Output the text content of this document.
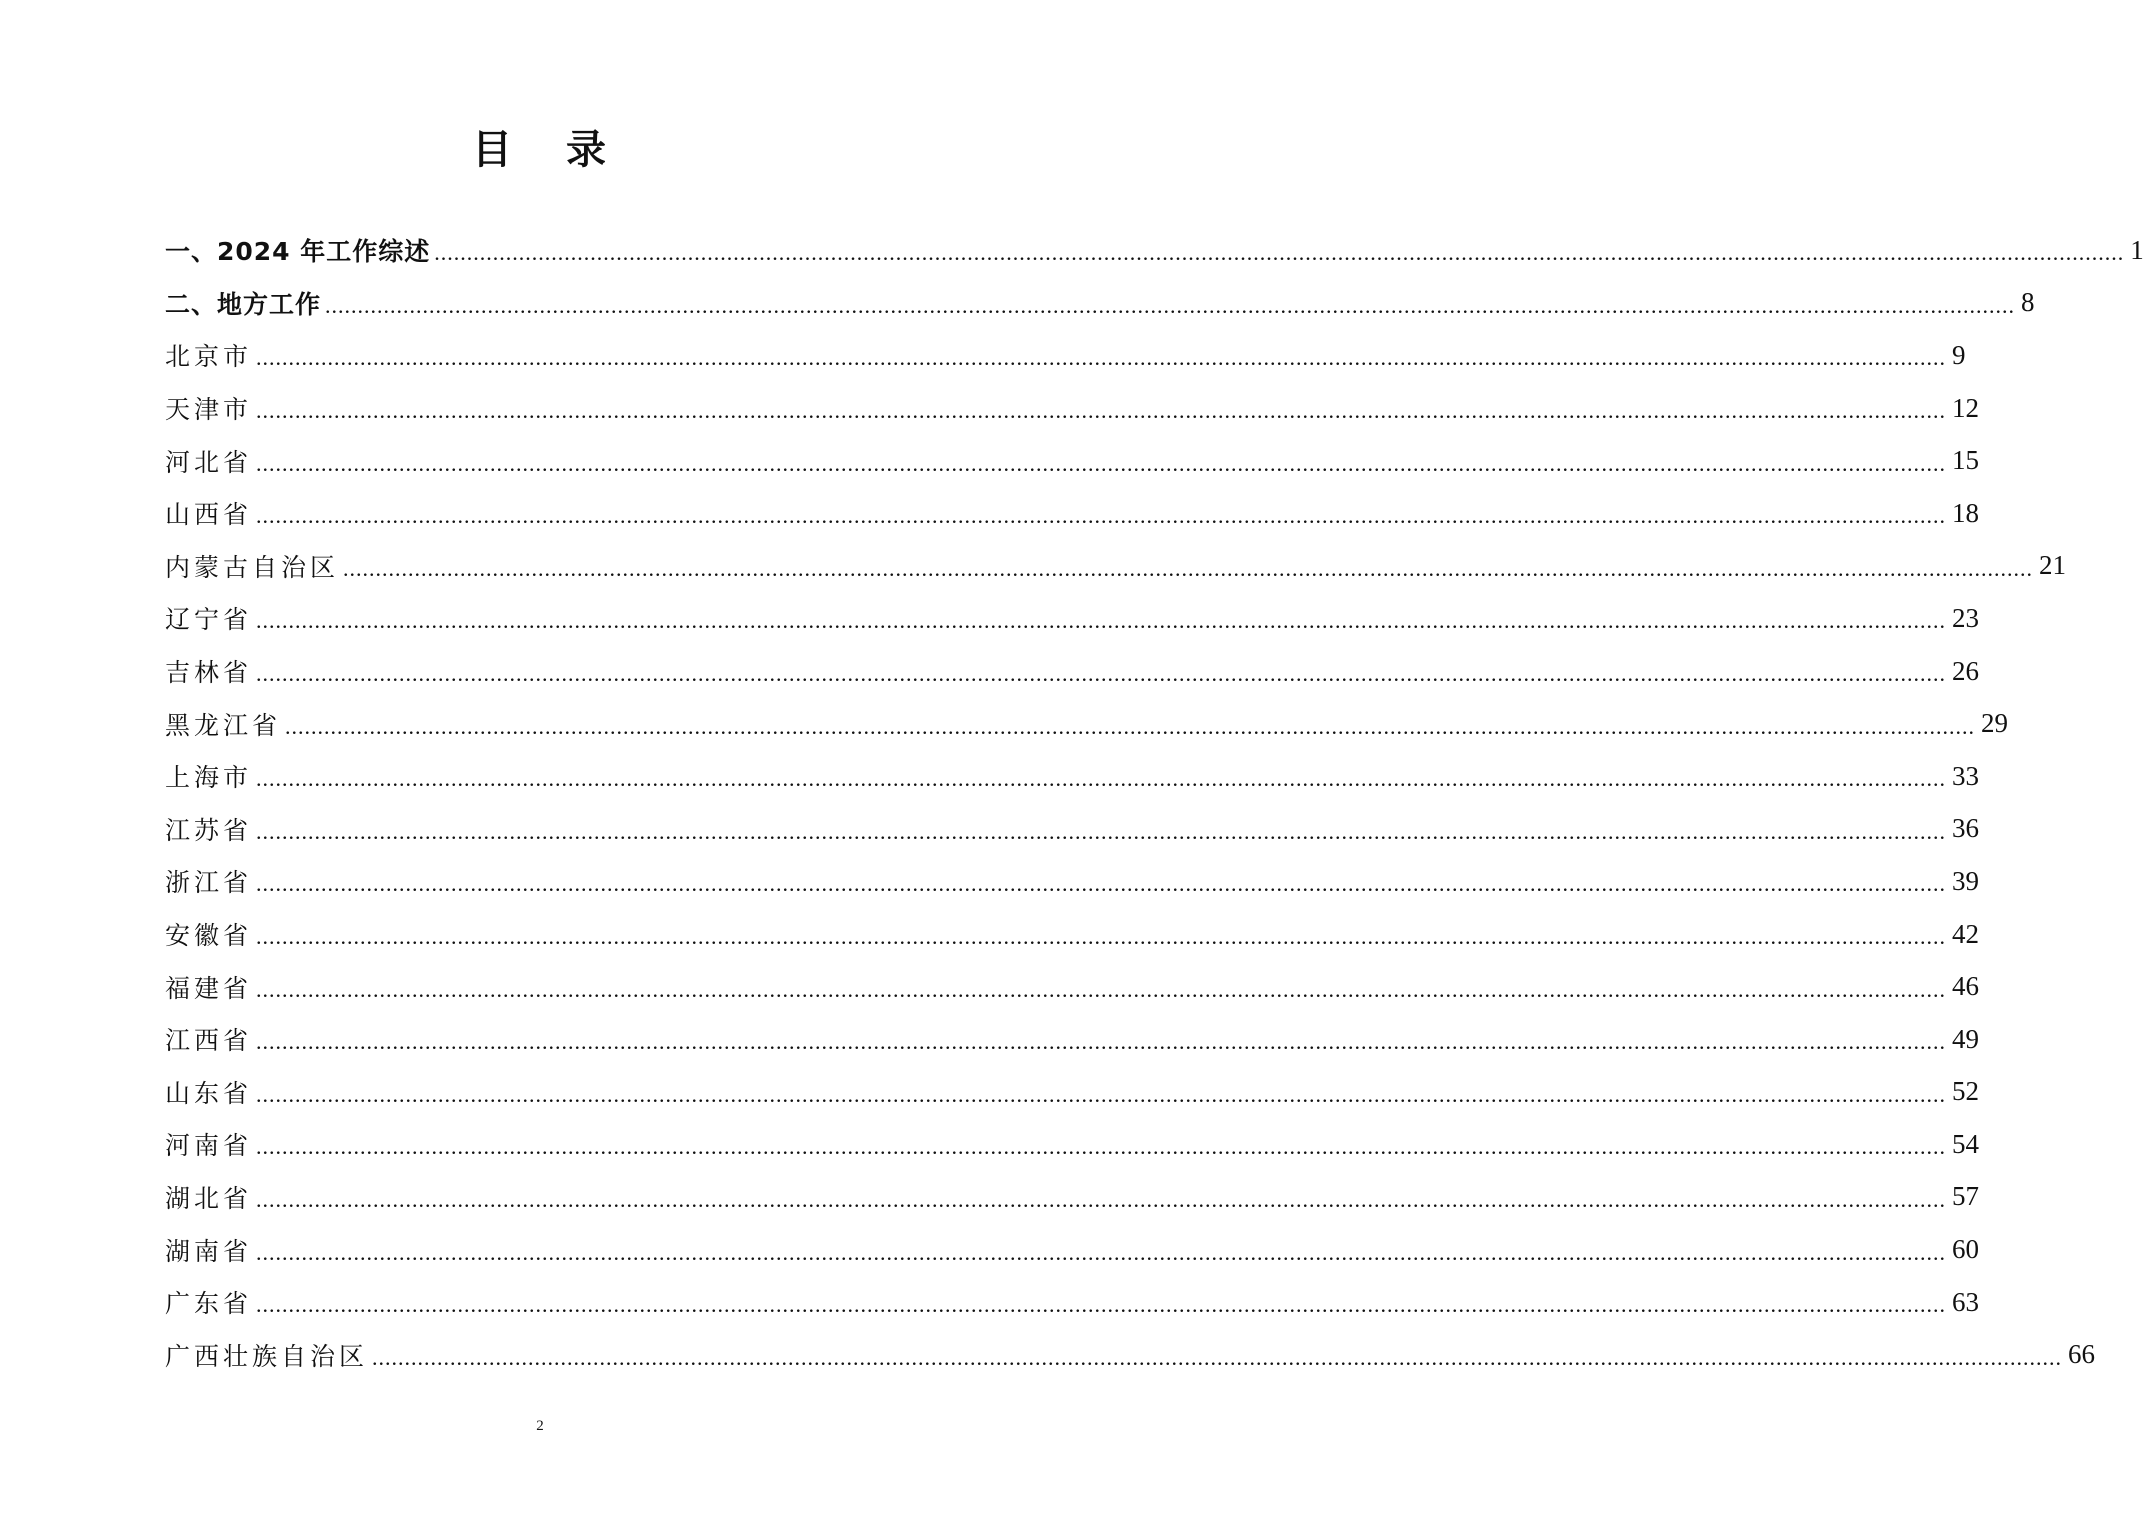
目 录
一、2024 年工作综述 .................................................................................................................................................................................................................................................................... 1
二、地方工作 .................................................................................................................................................................................................................................................................... 8
北京市 .................................................................................................................................................................................................................................................................... 9
天津市 .................................................................................................................................................................................................................................................................... 12
河北省 .................................................................................................................................................................................................................................................................... 15
山西省 .................................................................................................................................................................................................................................................................... 18
内蒙古自治区 .................................................................................................................................................................................................................................................................... 21
辽宁省 .................................................................................................................................................................................................................................................................... 23
吉林省 .................................................................................................................................................................................................................................................................... 26
黑龙江省 .................................................................................................................................................................................................................................................................... 29
上海市 .................................................................................................................................................................................................................................................................... 33
江苏省 .................................................................................................................................................................................................................................................................... 36
浙江省 .................................................................................................................................................................................................................................................................... 39
安徽省 .................................................................................................................................................................................................................................................................... 42
福建省 .................................................................................................................................................................................................................................................................... 46
江西省 .................................................................................................................................................................................................................................................................... 49
山东省 .................................................................................................................................................................................................................................................................... 52
河南省 .................................................................................................................................................................................................................................................................... 54
湖北省 .................................................................................................................................................................................................................................................................... 57
湖南省 .................................................................................................................................................................................................................................................................... 60
广东省 .................................................................................................................................................................................................................................................................... 63
广西壮族自治区 .................................................................................................................................................................................................................................................................... 66
2
